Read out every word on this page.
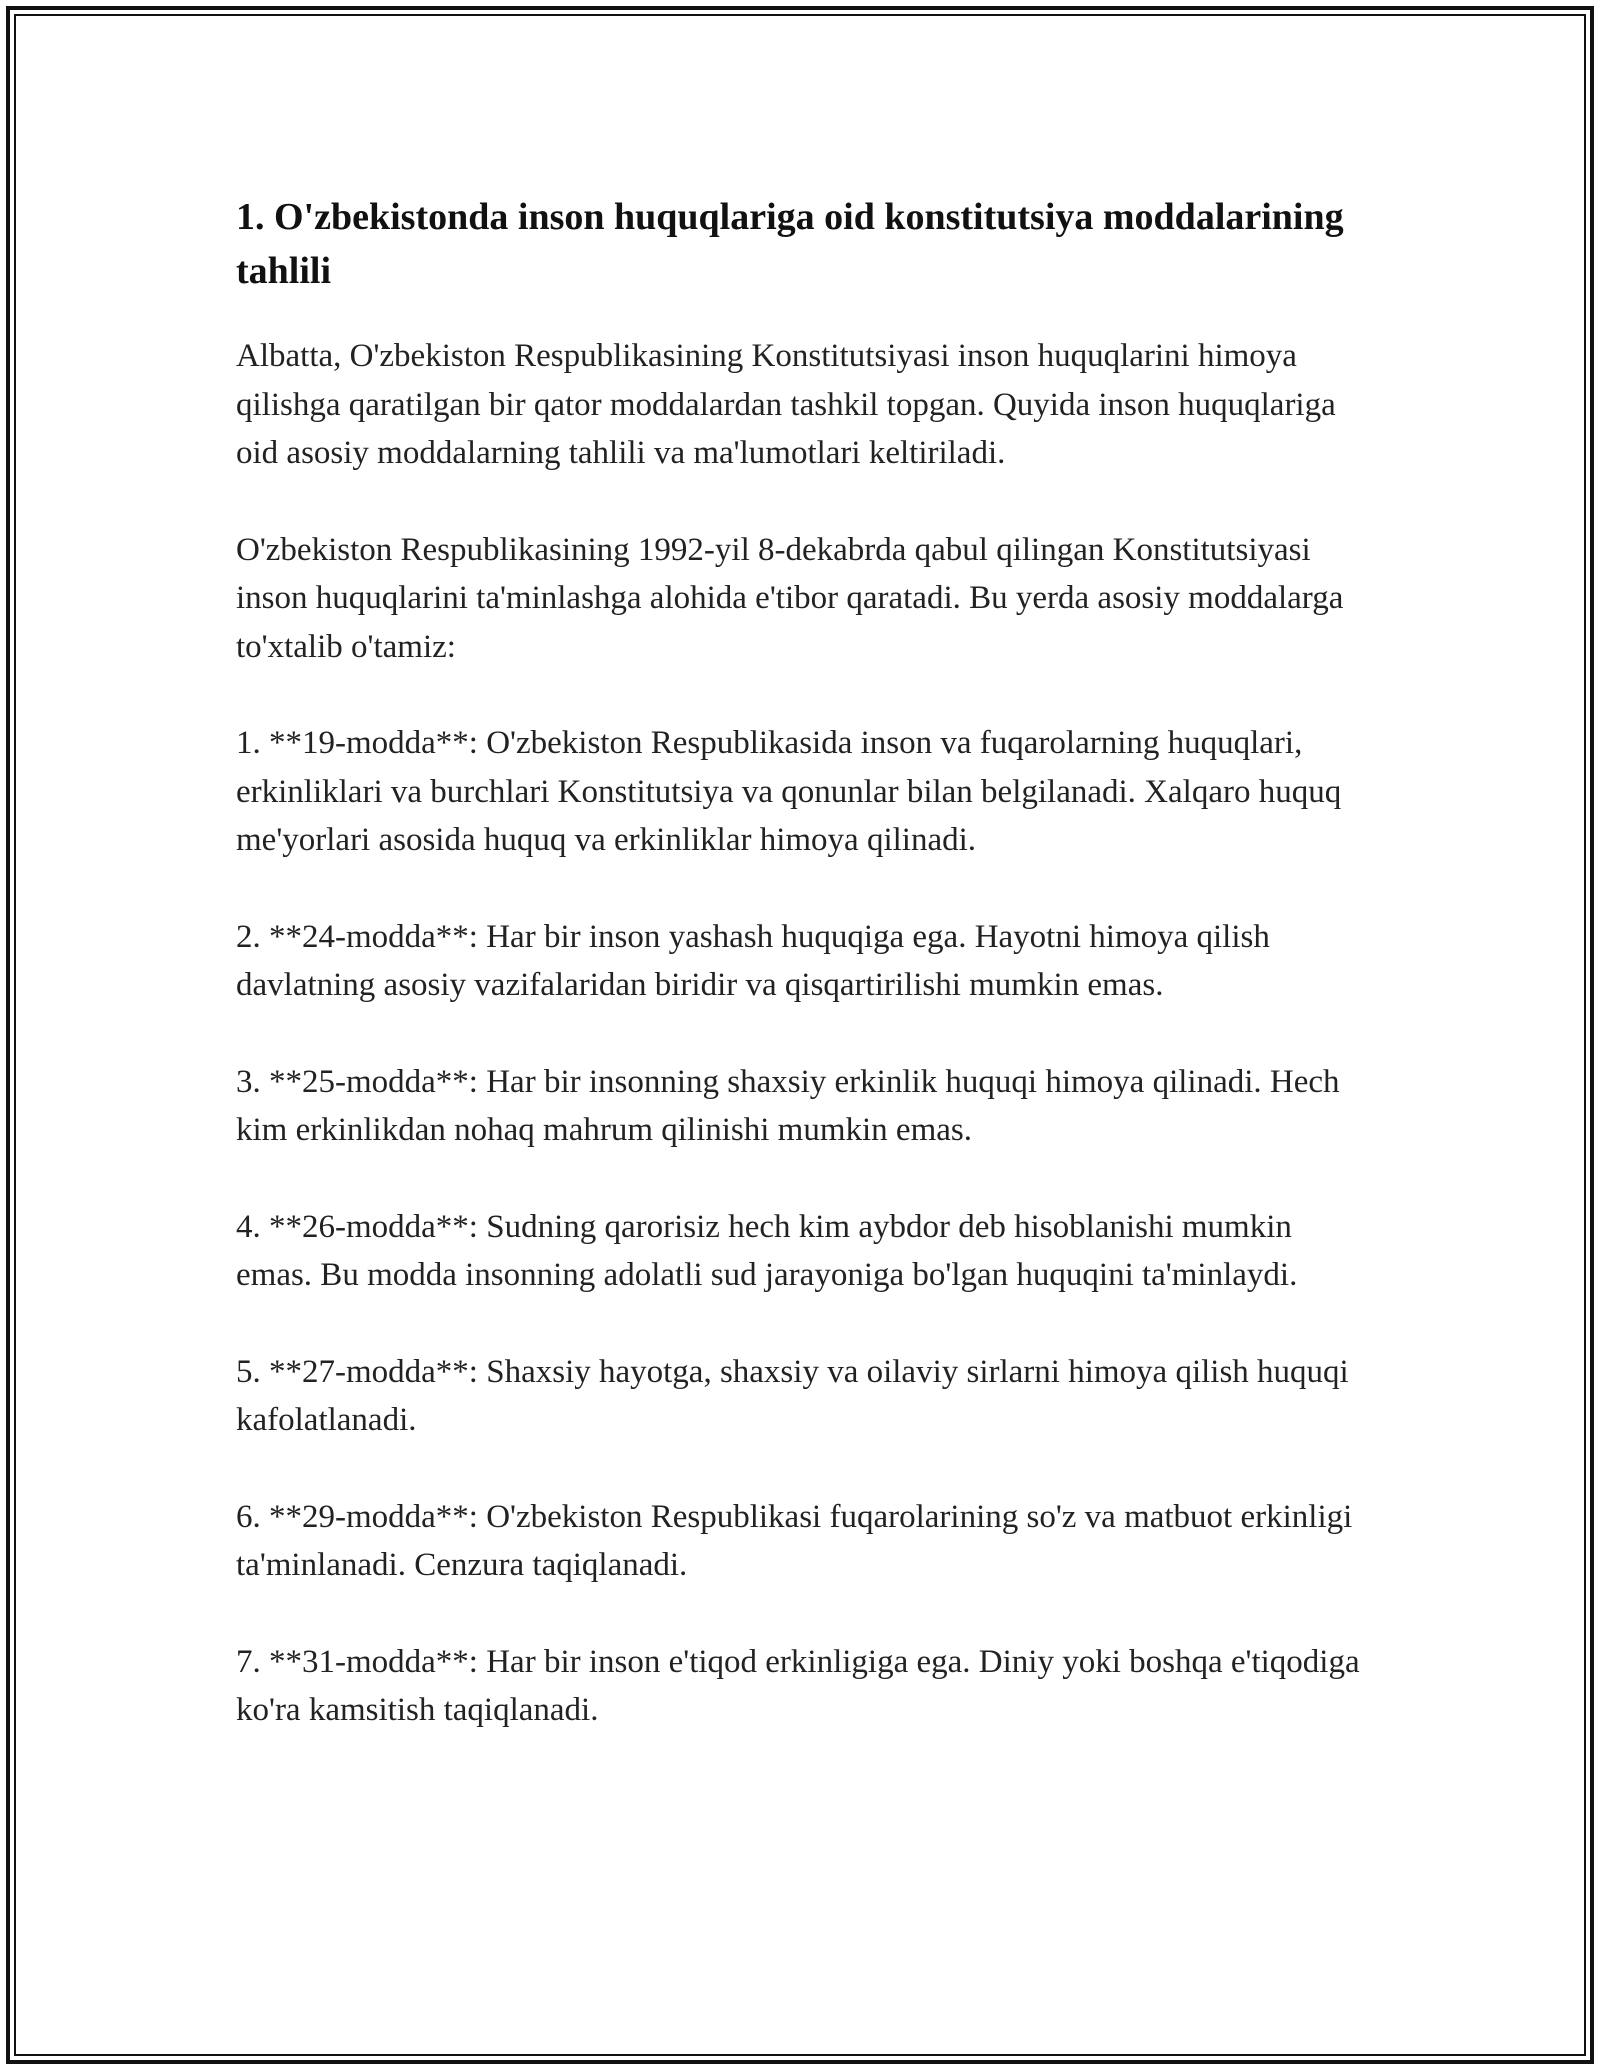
1. O'zbekistonda inson huquqlariga oid konstitutsiya moddalarining tahlili

Albatta, O'zbekiston Respublikasining Konstitutsiyasi inson huquqlarini himoya qilishga qaratilgan bir qator moddalardan tashkil topgan. Quyida inson huquqlariga oid asosiy moddalarning tahlili va ma'lumotlari keltiriladi.

O'zbekiston Respublikasining 1992-yil 8-dekabrda qabul qilingan Konstitutsiyasi inson huquqlarini ta'minlashga alohida e'tibor qaratadi. Bu yerda asosiy moddalarga to'xtalib o'tamiz:

1. **19-modda**: O'zbekiston Respublikasida inson va fuqarolarning huquqlari, erkinliklari va burchlari Konstitutsiya va qonunlar bilan belgilanadi. Xalqaro huquq me'yorlari asosida huquq va erkinliklar himoya qilinadi.

2. **24-modda**: Har bir inson yashash huquqiga ega. Hayotni himoya qilish davlatning asosiy vazifalaridan biridir va qisqartirilishi mumkin emas.

3. **25-modda**: Har bir insonning shaxsiy erkinlik huquqi himoya qilinadi. Hech kim erkinlikdan nohaq mahrum qilinishi mumkin emas.

4. **26-modda**: Sudning qarorisiz hech kim aybdor deb hisoblanishi mumkin emas. Bu modda insonning adolatli sud jarayoniga bo'lgan huquqini ta'minlaydi.

5. **27-modda**: Shaxsiy hayotga, shaxsiy va oilaviy sirlarni himoya qilish huquqi kafolatlanadi.

6. **29-modda**: O'zbekiston Respublikasi fuqarolarining so'z va matbuot erkinligi ta'minlanadi. Cenzura taqiqlanadi.

7. **31-modda**: Har bir inson e'tiqod erkinligiga ega. Diniy yoki boshqa e'tiqodiga ko'ra kamsitish taqiqlanadi.
